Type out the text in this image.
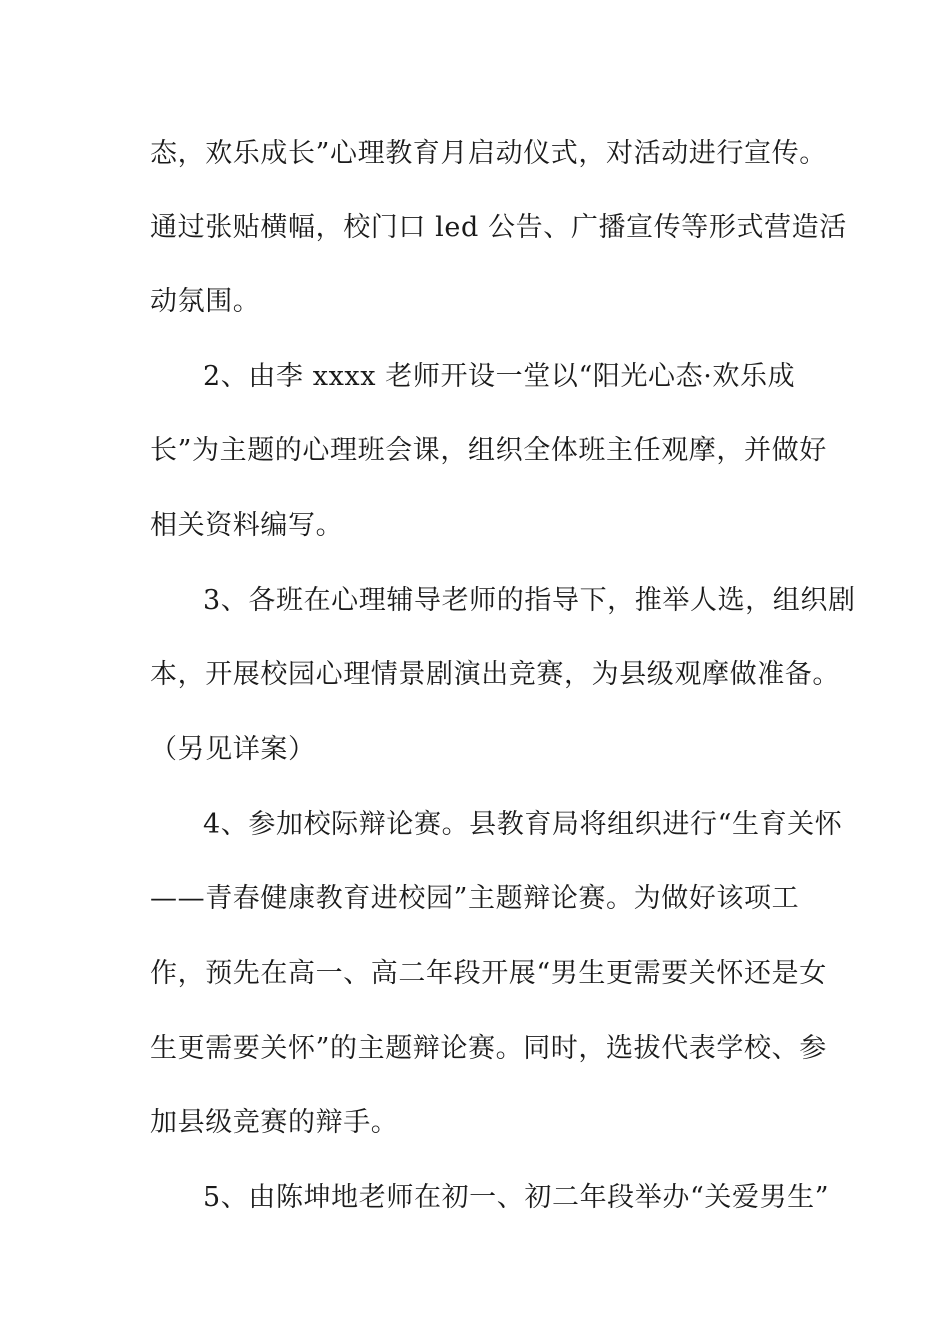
态，欢乐成长”心理教育月启动仪式，对活动进行宣传。
通过张贴横幅，校门口 led 公告、广播宣传等形式营造活
动氛围。
2、由李 xxxx 老师开设一堂以“阳光心态·欢乐成
长”为主题的心理班会课，组织全体班主任观摩，并做好
相关资料编写。
3、各班在心理辅导老师的指导下，推举人选，组织剧
本，开展校园心理情景剧演出竞赛，为县级观摩做准备。
（另见详案）
4、参加校际辩论赛。县教育局将组织进行“生育关怀
——青春健康教育进校园”主题辩论赛。为做好该项工
作，预先在高一、高二年段开展“男生更需要关怀还是女
生更需要关怀”的主题辩论赛。同时，选拔代表学校、参
加县级竞赛的辩手。
5、由陈坤地老师在初一、初二年段举办“关爱男生”
